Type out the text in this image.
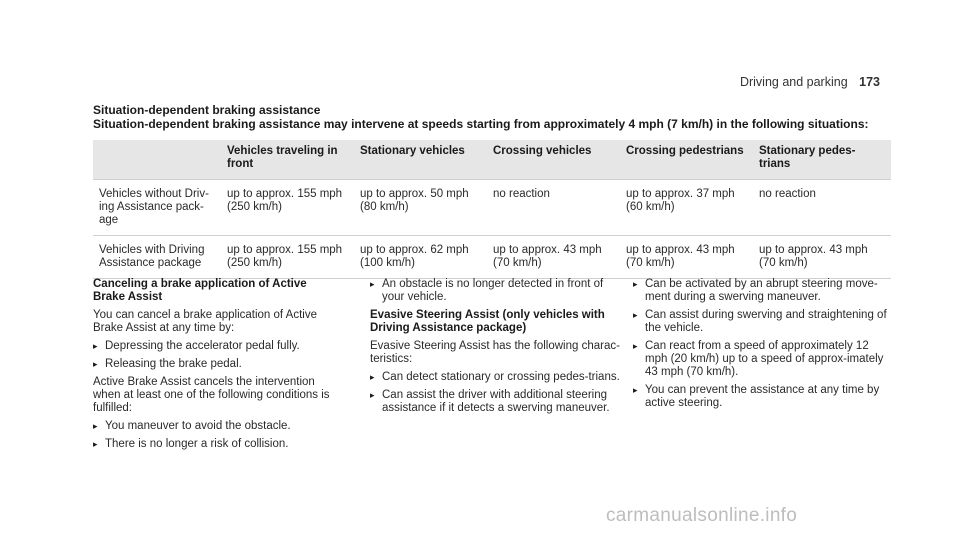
Driving and parking 173
Situation-dependent braking assistance
Situation-dependent braking assistance may intervene at speeds starting from approximately 4 mph (7 km/h) in the following situations:
	Vehicles traveling in front	Stationary vehicles	Crossing vehicles	Crossing pedestrians	Stationary pedes-trians
Vehicles without Driv-ing Assistance pack-age	up to approx. 155 mph (250 km/h)	up to approx. 50 mph (80 km/h)	no reaction	up to approx. 37 mph (60 km/h)	no reaction
Vehicles with Driving Assistance package	up to approx. 155 mph (250 km/h)	up to approx. 62 mph (100 km/h)	up to approx. 43 mph (70 km/h)	up to approx. 43 mph (70 km/h)	up to approx. 43 mph (70 km/h)

Canceling a brake application of Active Brake Assist

You can cancel a brake application of Active Brake Assist at any time by:

▸ Depressing the accelerator pedal fully.
▸ Releasing the brake pedal.

Active Brake Assist cancels the intervention when at least one of the following conditions is fulfilled:

▸ You maneuver to avoid the obstacle.
▸ There is no longer a risk of collision.
▸ An obstacle is no longer detected in front of your vehicle.

Evasive Steering Assist (only vehicles with Driving Assistance package)

Evasive Steering Assist has the following charac-teristics:

▸ Can detect stationary or crossing pedes-trians.
▸ Can assist the driver with additional steering assistance if it detects a swerving maneuver.
▸ Can be activated by an abrupt steering move-ment during a swerving maneuver.
▸ Can assist during swerving and straightening of the vehicle.
▸ Can react from a speed of approximately 12 mph (20 km/h) up to a speed of approx-imately 43 mph (70 km/h).
▸ You can prevent the assistance at any time by active steering.
carmanualsonline.info
